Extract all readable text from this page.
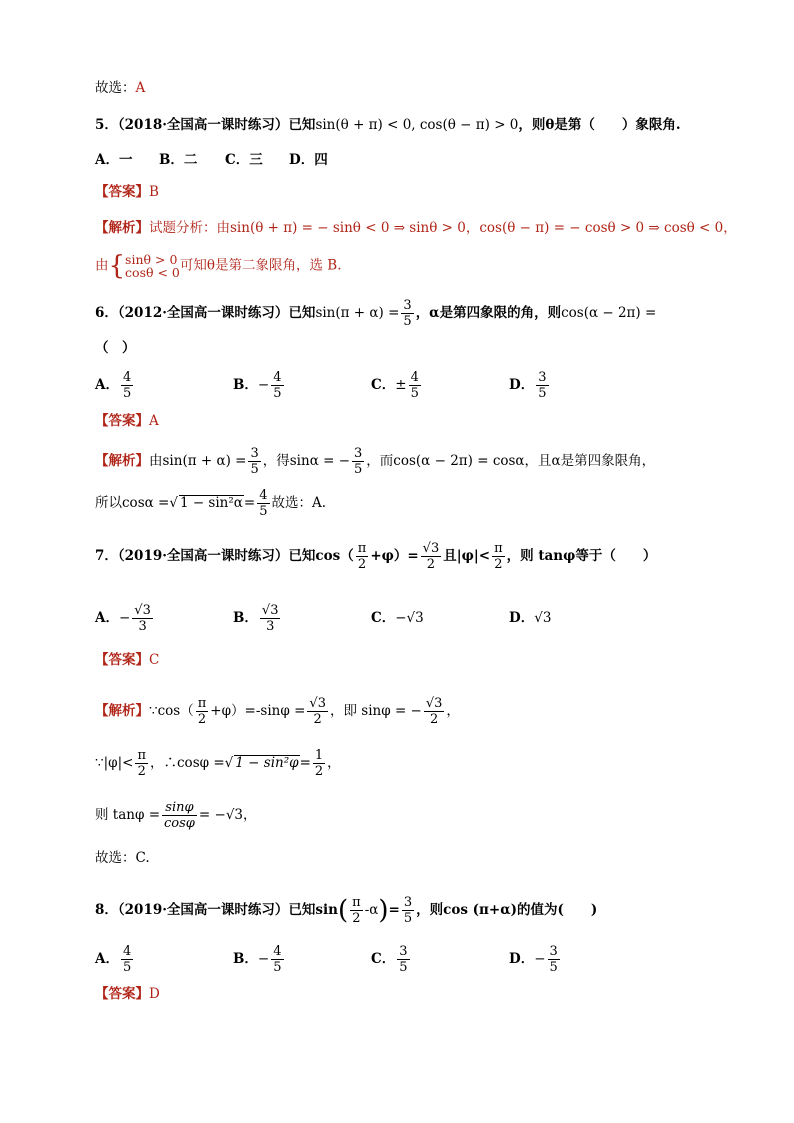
故选：A
5．（2018·全国高一课时练习）已知sin(θ + π) < 0, cos(θ − π) > 0，则θ是第（　　）象限角.
A．一 B．二 C．三 D．四
【答案】B
【解析】试题分析：由sin(θ + π) = − sinθ < 0 ⇒ sinθ > 0，cos(θ − π) = − cosθ > 0 ⇒ cosθ < 0，
由{ sinθ > 0
cosθ < 0 可知θ是第二象限角，选 B.
6．（2012·全国高一课时练习）已知$\sin(\pi + \alpha) = \frac{3}{5}$ ，α是第四象限的角，则cos(α − 2π) =
（　）
A． $\frac{4}{5}$	B．− $\frac{4}{5}$	C．± $\frac{4}{5}$	D． $\frac{3}{5}$
【答案】A
【解析】由$\sin(\pi + \alpha) = \frac{3}{5}$ ，得sinα = − $\frac{3}{5}$ ，而cos(α − 2π) = cosα，且α是第四象限角，
所以cosα =√ $1 - \sin^2\alpha= \frac{4}{5}$ 故选：A.
7．（2019·全国高一课时练习）已知$\cos( \frac{\pi}{2} +\varphi)= \frac{√3}{2}$ 且$|\varphi|< \frac{\pi}{2}$ ，则 tanφ等于（　　）
A．− $\frac{√3}{3}$	B． $\frac{√3}{3}$	C．−√3	D．√3
【答案】C
【解析】∵cos（ $\frac{\pi}{2} +\varphi)=-\sin\varphi = \frac{√3}{2}$ ，即 sinφ = − $\frac{√3}{2}$ ，
∵|φ|< $\frac{\pi}{2}$ ，∴cosφ =√ $1 - \sin^2\varphi= \frac{1}{2}$ ，
则 $\tan\varphi = \frac{\sin\varphi}{\cos\varphi} = -√3$，
故选：C.
8．（2019·全国高一课时练习）已知$\sin( \frac{\pi}{2} -\alpha)= \frac{3}{5}$ ，则cos (π+α)的值为(　　)
A． $\frac{4}{5}$	B．− $\frac{4}{5}$	C． $\frac{3}{5}$	D．− $\frac{3}{5}$
【答案】D
